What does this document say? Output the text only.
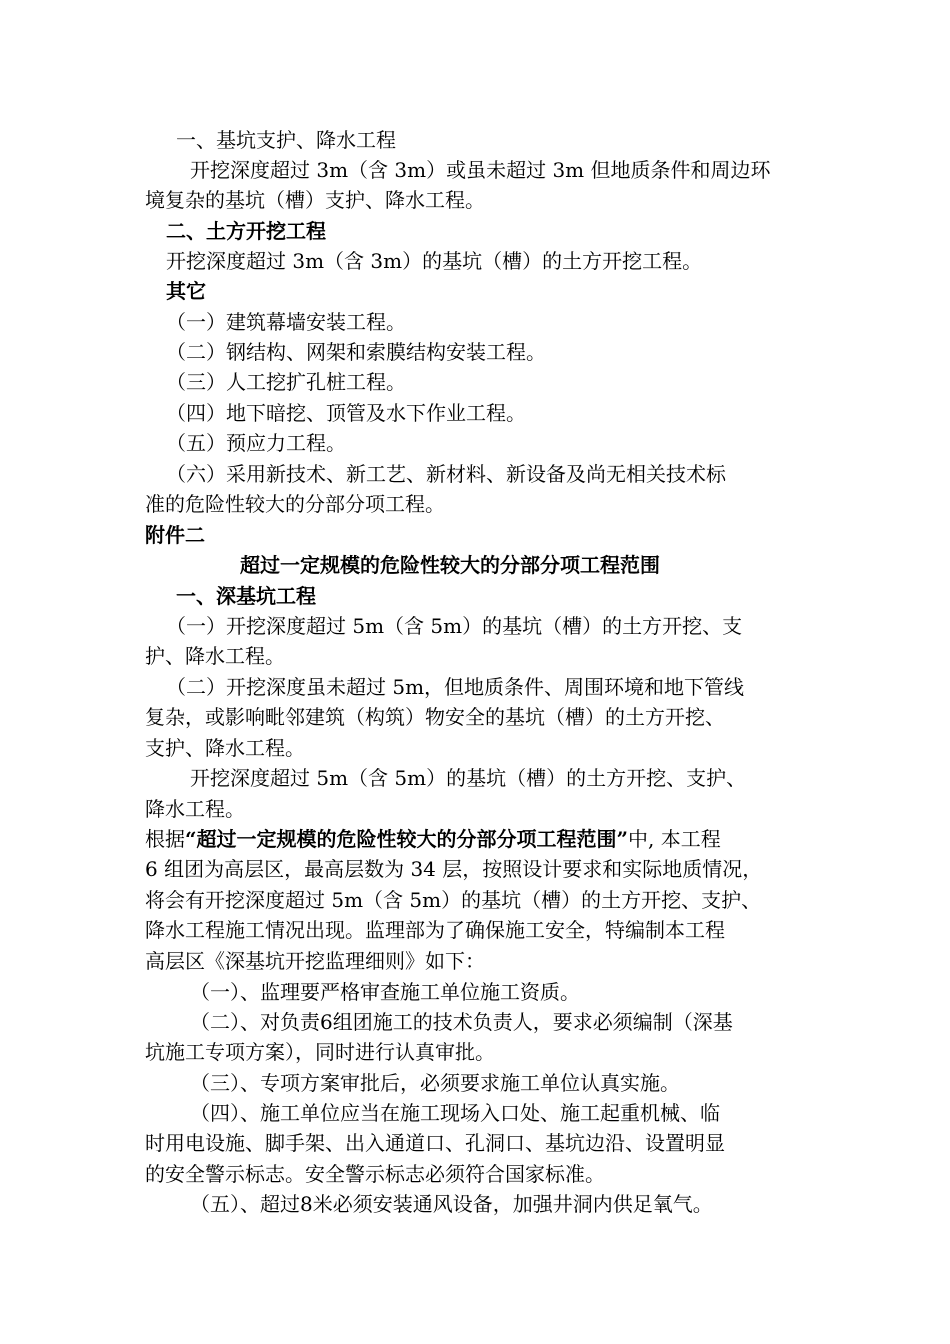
一、基坑支护、降水工程
开挖深度超过 3m（含 3m）或虽未超过 3m 但地质条件和周边环
境复杂的基坑（槽）支护、降水工程。
二、土方开挖工程
开挖深度超过 3m（含 3m）的基坑（槽）的土方开挖工程。
其它
（一）建筑幕墙安装工程。
（二）钢结构、网架和索膜结构安装工程。
（三）人工挖扩孔桩工程。
（四）地下暗挖、顶管及水下作业工程。
（五）预应力工程。
（六）采用新技术、新工艺、新材料、新设备及尚无相关技术标
准的危险性较大的分部分项工程。
附件二
超过一定规模的危险性较大的分部分项工程范围
一、深基坑工程
（一）开挖深度超过 5m（含 5m）的基坑（槽）的土方开挖、支
护、降水工程。
（二）开挖深度虽未超过 5m，但地质条件、周围环境和地下管线
复杂，或影响毗邻建筑（构筑）物安全的基坑（槽）的土方开挖、
支护、降水工程。
开挖深度超过 5m（含 5m）的基坑（槽）的土方开挖、支护、
降水工程。
根据“超过一定规模的危险性较大的分部分项工程范围”中, 本工程
6 组团为高层区，最高层数为 34 层，按照设计要求和实际地质情况，
将会有开挖深度超过 5m（含 5m）的基坑（槽）的土方开挖、支护、
降水工程施工情况出现。监理部为了确保施工安全，特编制本工程
高层区《深基坑开挖监理细则》如下：
（一）、监理要严格审查施工单位施工资质。
（二）、对负责6组团施工的技术负责人，要求必须编制（深基
坑施工专项方案），同时进行认真审批。
（三）、专项方案审批后，必须要求施工单位认真实施。
（四）、施工单位应当在施工现场入口处、施工起重机械、临
时用电设施、脚手架、出入通道口、孔洞口、基坑边沿、设置明显
的安全警示标志。安全警示标志必须符合国家标准。
（五）、超过8米必须安装通风设备，加强井洞内供足氧气。
